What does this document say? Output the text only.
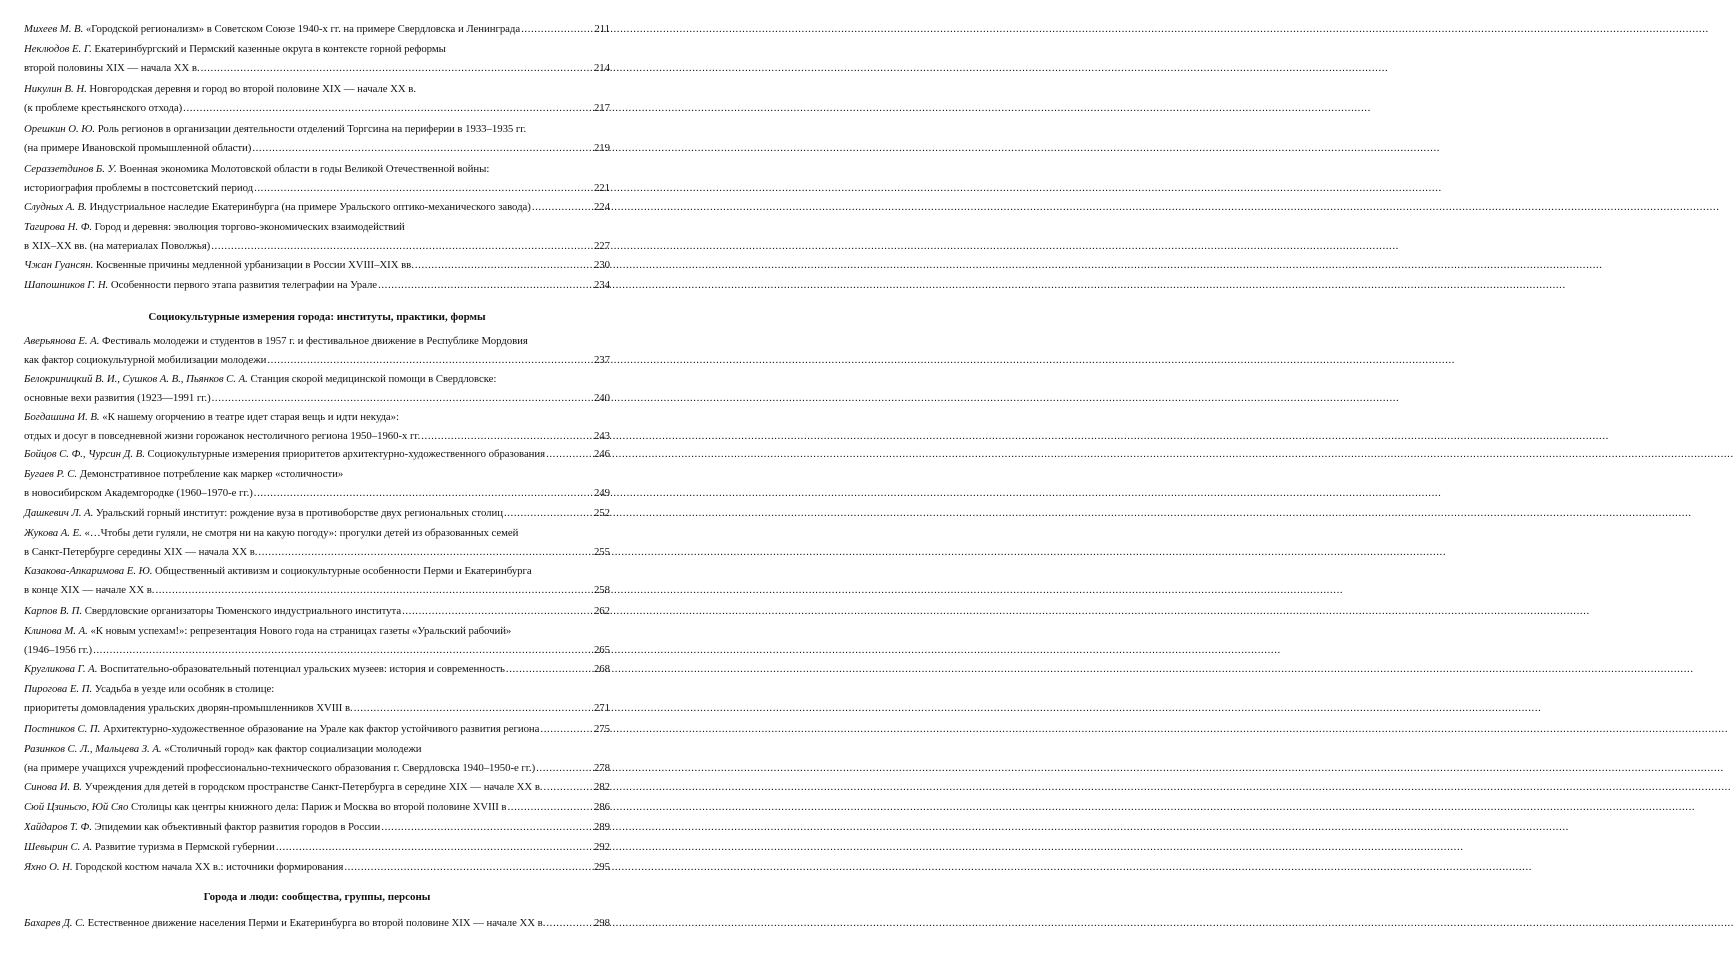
Михеев М. В. «Городской регионализм» в Советском Союзе 1940-х гг. на примере Свердловска и Ленинграда .....	211
Неклюдов Е. Г. Екатеринбургский и Пермский казенные округа в контексте горной реформы
второй половины XIX — начала XX в. .....	214
Никулин В. Н. Новгородская деревня и город во второй половине XIX — начале XX в.
(к проблеме крестьянского отхода) .....	217
Орешкин О. Ю. Роль регионов в организации деятельности отделений Торгсина на периферии в 1933–1935 гг.
(на примере Ивановской промышленной области) .....	219
Сераззетдинов Б. У. Военная экономика Молотовской области в годы Великой Отечественной войны:
историография проблемы в постсоветский период .....	221
Слудных А. В. Индустриальное наследие Екатеринбурга (на примере Уральского оптико-механического завода) .....	224
Тагирова Н. Ф. Город и деревня: эволюция торгово-экономических взаимодействий
в XIX–XX вв. (на материалах Поволжья) .....	227
Чжан Гуансян. Косвенные причины медленной урбанизации в России XVIII–XIX вв. .....	230
Шапошников Г. Н. Особенности первого этапа развития телеграфии на Урале .....	234
Социокультурные измерения города: институты, практики, формы
Аверьянова Е. А. Фестиваль молодежи и студентов в 1957 г. и фестивальное движение в Республике Мордовия
как фактор социокультурной мобилизации молодежи .....	237
Белокриницкий В. И., Сушков А. В., Пьянков С. А. Станция скорой медицинской помощи в Свердловске:
основные вехи развития (1923—1991 гг.) .....	240
Богдашина И. В. «К нашему огорчению в театре идет старая вещь и идти некуда»:
отдых и досуг в повседневной жизни горожанок нестоличного региона 1950–1960-х гг. .....	243
Бойцов С. Ф., Чурсин Д. В. Социокультурные измерения приоритетов архитектурно-художественного образования .....	246
Бугаев Р. С. Демонстративное потребление как маркер «столичности»
в новосибирском Академгородке (1960–1970-е гг.) .....	249
Дашкевич Л. А. Уральский горный институт: рождение вуза в противоборстве двух региональных столиц .....	252
Жукова А. Е. «…Чтобы дети гуляли, не смотря ни на какую погоду»: прогулки детей из образованных семей
в Санкт-Петербурге середины XIX — начала XX в. .....	255
Казакова-Апкаримова Е. Ю. Общественный активизм и социокультурные особенности Перми и Екатеринбурга
в конце XIX — начале XX в. .....	258
Карпов В. П. Свердловские организаторы Тюменского индустриального института .....	262
Клинова М. А. «К новым успехам!»: репрезентация Нового года на страницах газеты «Уральский рабочий»
(1946–1956 гг.) .....	265
Кругликова Г. А. Воспитательно-образовательный потенциал уральских музеев: история и современность .....	268
Пирогова Е. П. Усадьба в уезде или особняк в столице:
приоритеты домовладения уральских дворян-промышленников XVIII в. .....	271
Постников С. П. Архитектурно-художественное образование на Урале как фактор устойчивого развития региона .....	275
Разинков С. Л., Мальцева З. А. «Столичный город» как фактор социализации молодежи
(на примере учащихся учреждений профессионально-технического образования г. Свердловска 1940–1950-е гг.) .....	278
Синова И. В. Учреждения для детей в городском пространстве Санкт-Петербурга в середине XIX — начале XX в. .....	282
Сюй Цзиньсю, Юй Сяо Столицы как центры книжного дела: Париж и Москва во второй половине XVIII в .....	286
Хайдаров Т. Ф. Эпидемии как объективный фактор развития городов в России .....	289
Шевырин С. А. Развитие туризма в Пермской губернии .....	292
Яхно О. Н. Городской костюм начала XX в.: источники формирования .....	295
Города и люди: сообщества, группы, персоны
Бахарев Д. С. Естественное движение населения Перми и Екатеринбурга во второй половине XIX — начале XX в. .....	298
